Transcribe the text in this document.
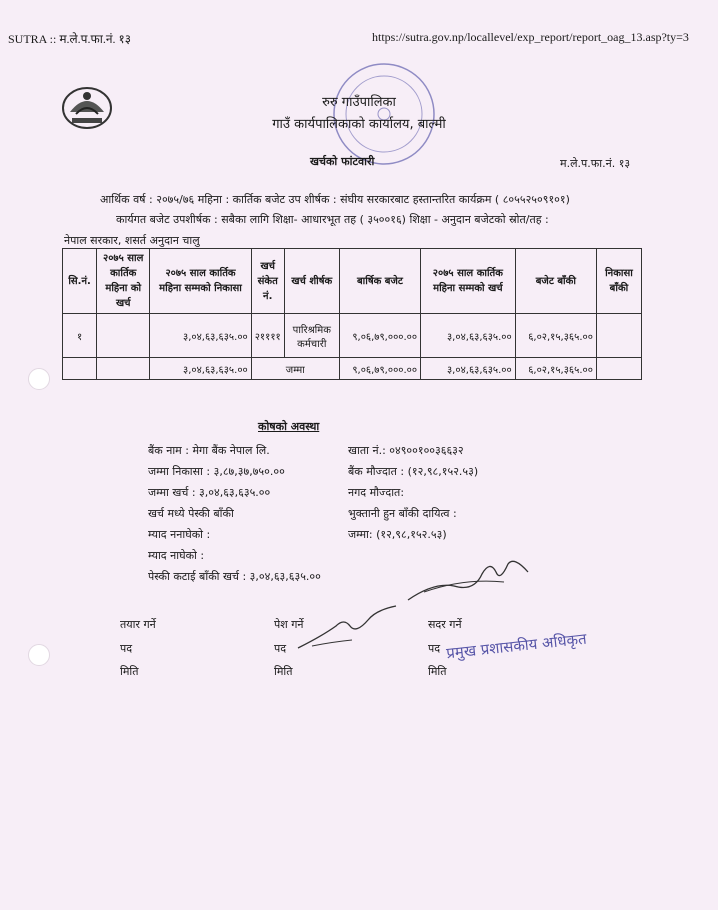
SUTRA :: म.ले.प.फा.नं. १३	https://sutra.gov.np/locallevel/exp_report/report_oag_13.asp?ty=3
रुरु गाउँपालिका
गाउँ कार्यपालिकाको कार्यालय, बाल्मी
खर्चको फांटवारी	म.ले.प.फा.नं. १३
आर्थिक वर्ष : २०७५/७६ महिना : कार्तिक बजेट उप शीर्षक : संघीय सरकारबाट हस्तान्तरित कार्यक्रम ( ८०५५२५०९१०१)
कार्यगत बजेट उपशीर्षक : सबैका लागि शिक्षा- आधारभूत तह ( ३५००१६) शिक्षा - अनुदान बजेटको स्रोत/तह :
नेपाल सरकार, शसर्त अनुदान चालु
सि.नं.	२०७५ साल कार्तिक महिना को खर्च	२०७५ साल कार्तिक महिना सम्मको निकासा	खर्च संकेत नं.	खर्च शीर्षक	बार्षिक बजेट	२०७५ साल कार्तिक महिना सम्मको खर्च	बजेट बाँकी	निकासा बाँकी
१		३,०४,६३,६३५.००	२११११	पारिश्रमिक कर्मचारी	९,०६,७९,०००.००	३,०४,६३,६३५.००	६,०२,१५,३६५.००	
		३,०४,६३,६३५.००	जम्मा		९,०६,७९,०००.००	३,०४,६३,६३५.००	६,०२,१५,३६५.००	
कोषको अवस्था
बैंक नाम : मेगा बैंक नेपाल लि.
जम्मा निकासा : ३,८७,३७,७५०.००
जम्मा खर्च : ३,०४,६३,६३५.००
खर्च मध्ये पेस्की बाँकी
म्याद ननाघेको :
म्याद नाघेको :
पेस्की कटाई बाँकी खर्च : ३,०४,६३,६३५.००
खाता नं.: ०४९००१००३६६३२
बैंक मौज्दात : (१२,९८,१५२.५३)
नगद मौज्दात:
भुक्तानी हुन बाँकी दायित्व :
जम्मा: (१२,९८,१५२.५३)
तयार गर्ने
पद
मिति
पेश गर्ने
पद
मिति
सदर गर्ने
पद
मिति
प्रमुख प्रशासकीय अधिकृत
